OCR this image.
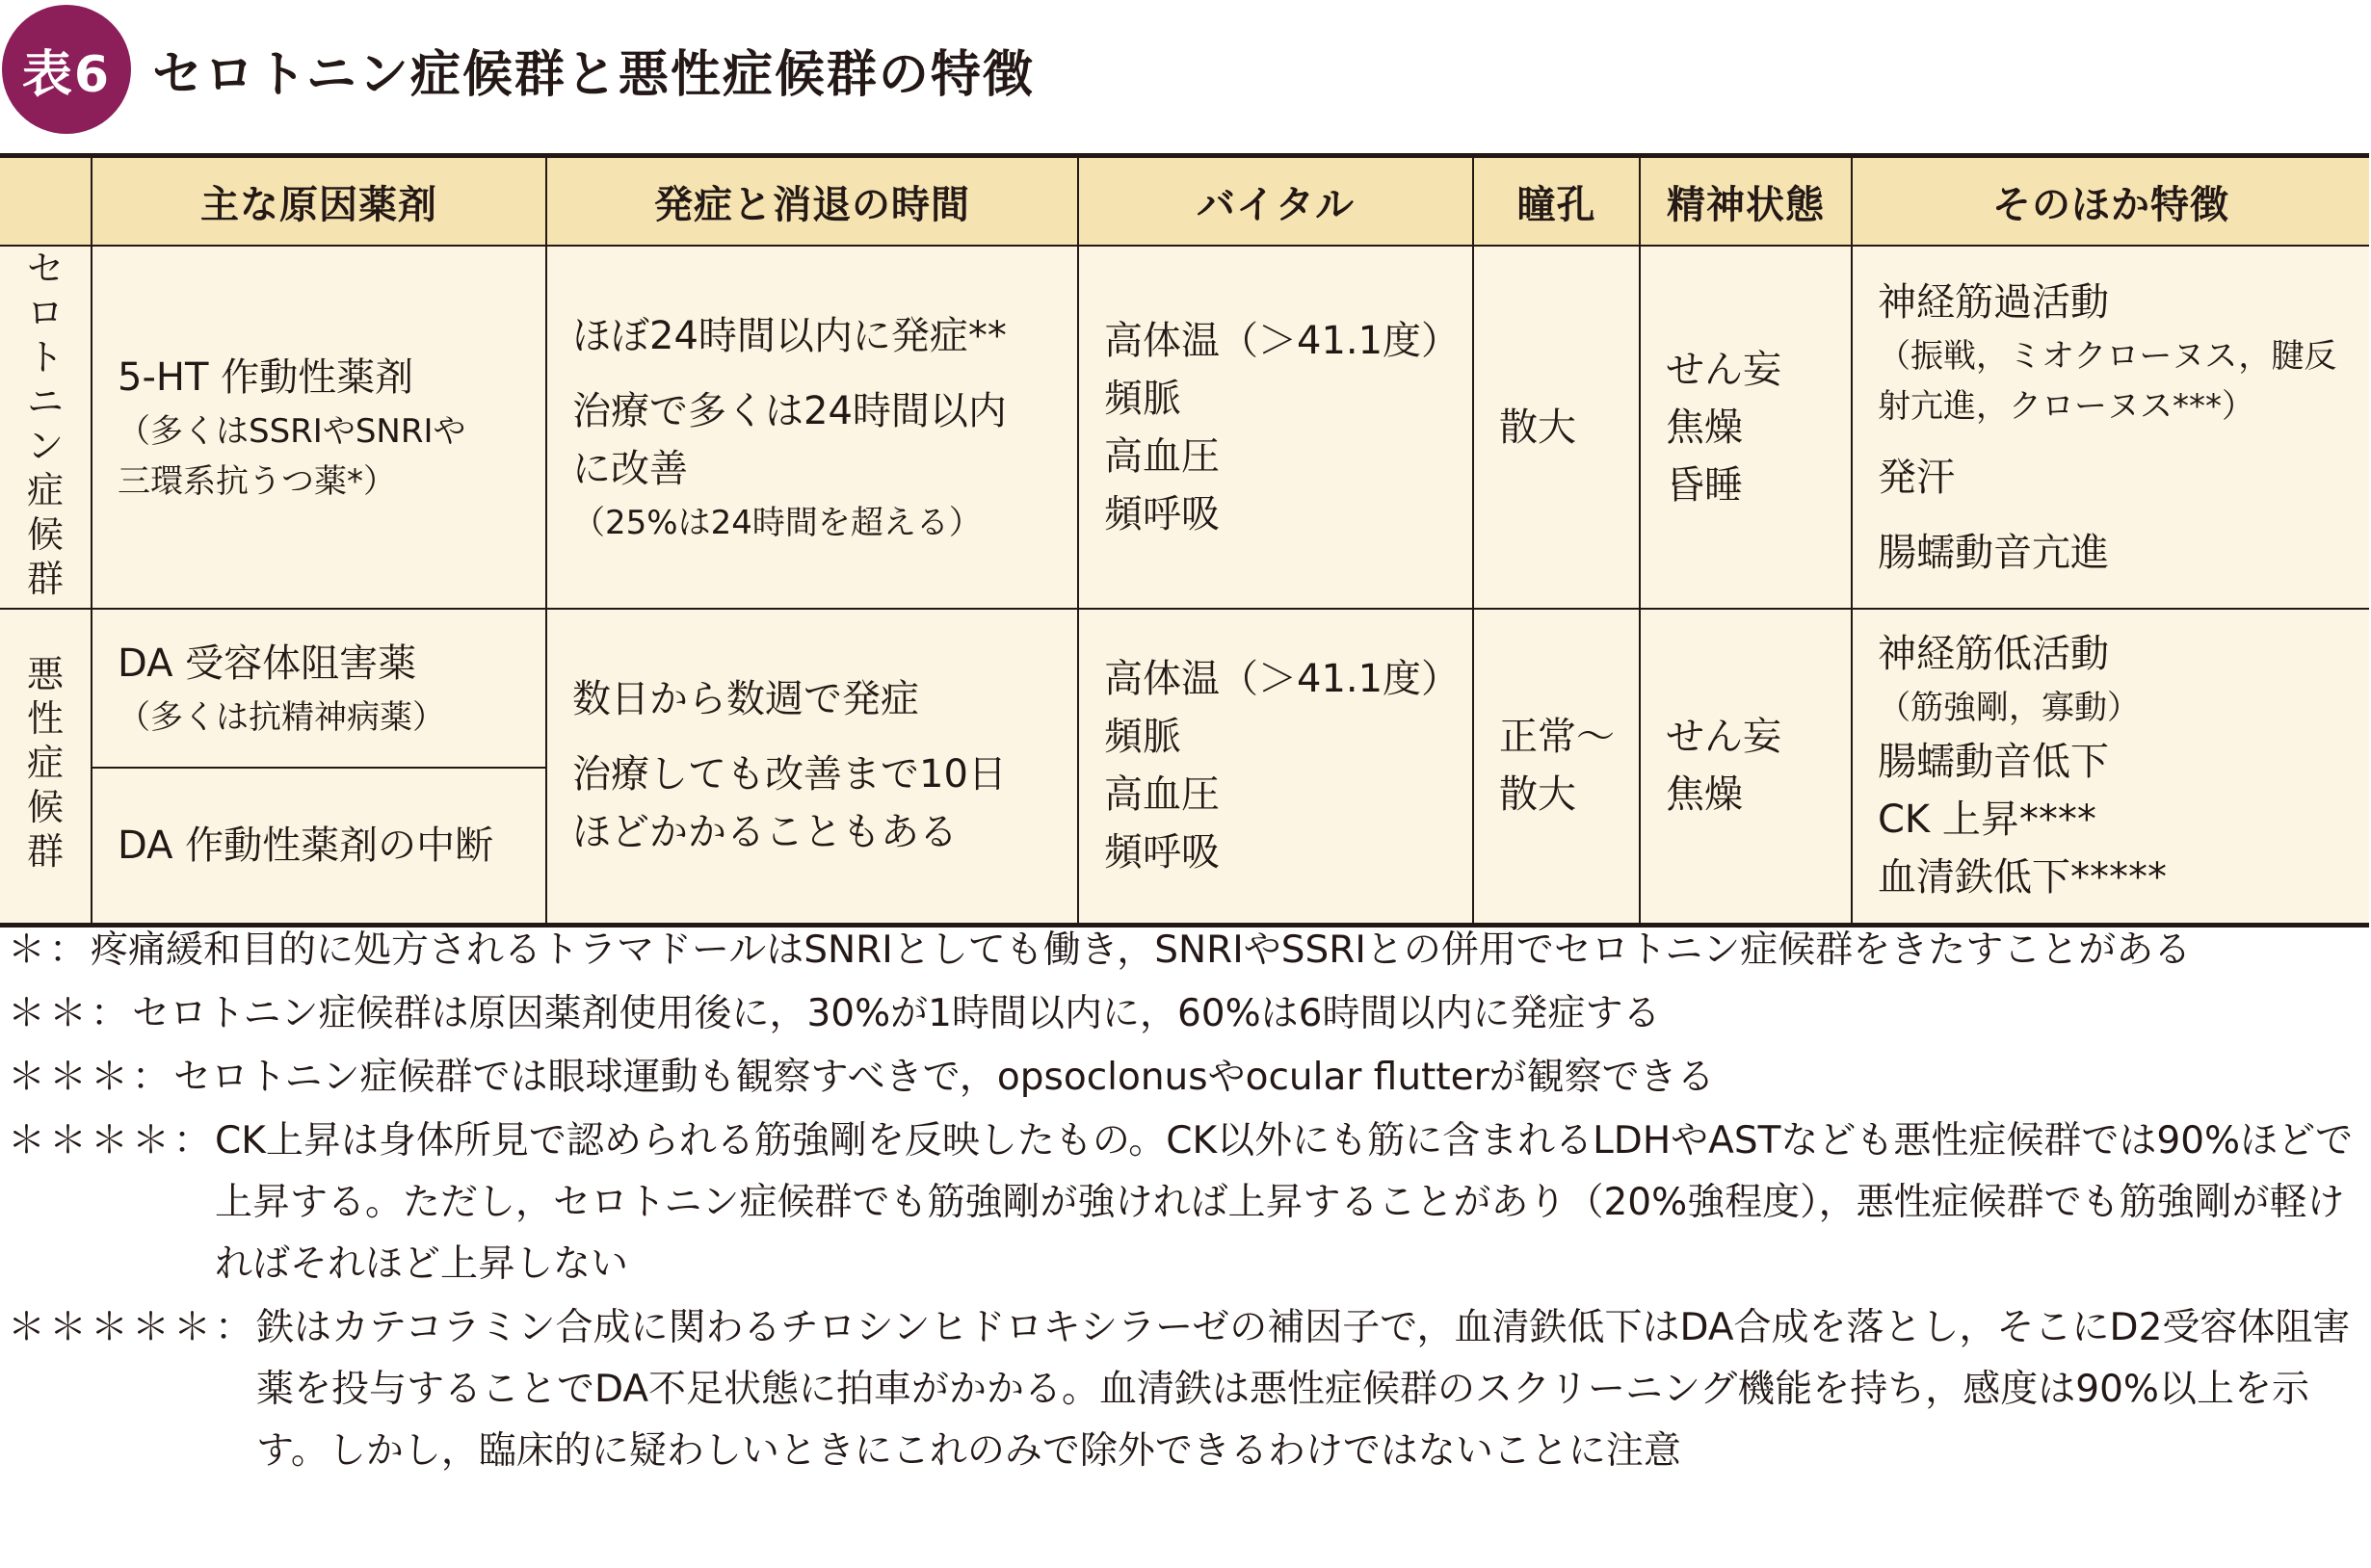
表6 セロトニン症候群と悪性症候群の特徴
	主な原因薬剤	発症と消退の時間	バイタル	瞳孔	精神状態	そのほか特徴
セロトニン症候群	5-HT 作動性薬剤
（多くはSSRIやSNRIや
三環系抗うつ薬*）	ほぼ24時間以内に発症**
治療で多くは24時間以内
に改善
（25%は24時間を超える）	高体温（＞41.1度）
頻脈
高血圧
頻呼吸	散大	せん妄
焦燥
昏睡	神経筋過活動
（振戦，ミオクローヌス，腱反
射亢進，クローヌス***）
発汗
腸蠕動音亢進

悪性症候群	DA 受容体阻害薬
（多くは抗精神病薬）	数日から数週で発症
治療しても改善まで10日
ほどかかることもある	高体温（＞41.1度）
頻脈
高血圧
頻呼吸	正常〜
散大	せん妄
焦燥	神経筋低活動
（筋強剛，寡動）
腸蠕動音低下
CK 上昇****
血清鉄低下*****

	DA 作動性薬剤の中断					
＊： 疼痛緩和目的に処方されるトラマドールはSNRIとしても働き，SNRIやSSRIとの併用でセロトニン症候群をきたすことがある
＊＊： セロトニン症候群は原因薬剤使用後に，30%が1時間以内に，60%は6時間以内に発症する
＊＊＊： セロトニン症候群では眼球運動も観察すべきで，opsoclonusやocular flutterが観察できる
＊＊＊＊： CK上昇は身体所見で認められる筋強剛を反映したもの。CK以外にも筋に含まれるLDHやASTなども悪性症候群では90%ほどで上昇する。ただし，セロトニン症候群でも筋強剛が強ければ上昇することがあり（20%強程度），悪性症候群でも筋強剛が軽ければそれほど上昇しない
＊＊＊＊＊： 鉄はカテコラミン合成に関わるチロシンヒドロキシラーゼの補因子で，血清鉄低下はDA合成を落とし，そこにD2受容体阻害薬を投与することでDA不足状態に拍車がかかる。血清鉄は悪性症候群のスクリーニング機能を持ち，感度は90%以上を示す。しかし，臨床的に疑わしいときにこれのみで除外できるわけではないことに注意
